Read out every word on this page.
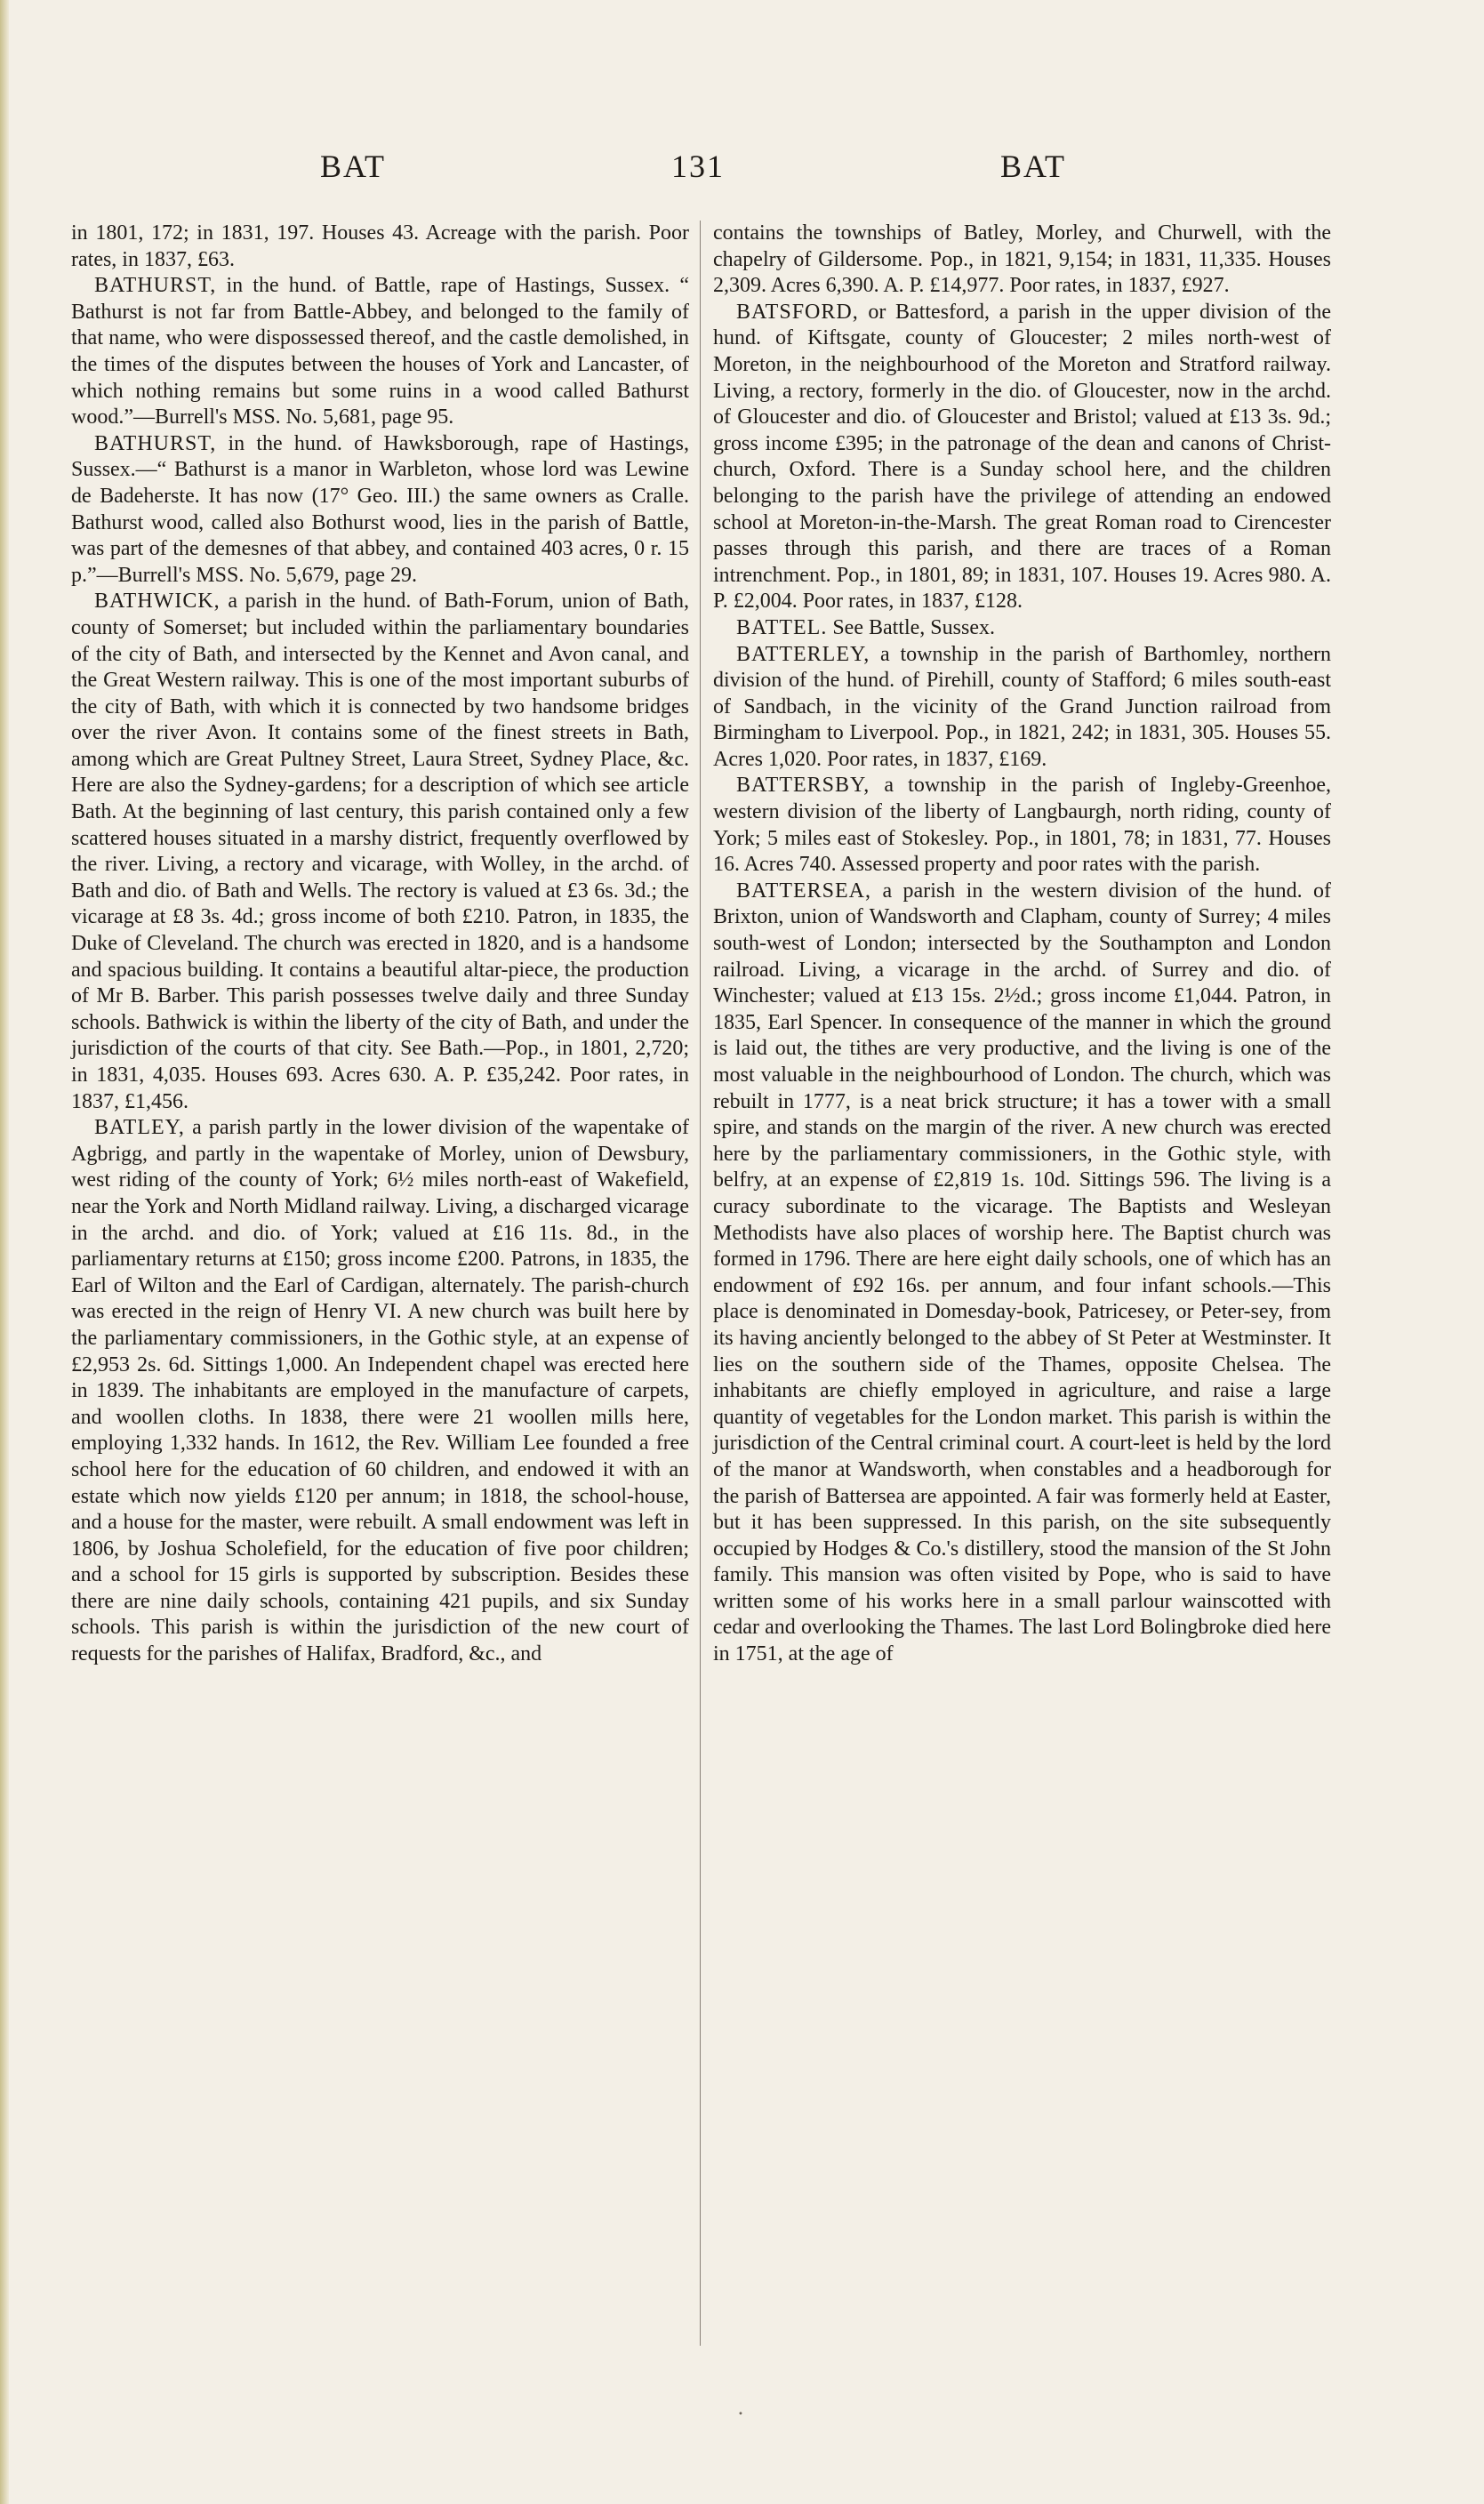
BAT	131	BAT

in 1801, 172; in 1831, 197. Houses 43. Acreage with the parish. Poor rates, in 1837, £63.

BATHURST, in the hund. of Battle, rape of Hastings, Sussex. “ Bathurst is not far from Battle-Abbey, and belonged to the family of that name, who were dispossessed thereof, and the castle demolished, in the times of the disputes between the houses of York and Lancaster, of which nothing remains but some ruins in a wood called Bathurst wood.”—Burrell's MSS. No. 5,681, page 95.

BATHURST, in the hund. of Hawksborough, rape of Hastings, Sussex.—“ Bathurst is a manor in Warbleton, whose lord was Lewine de Badeherste. It has now (17° Geo. III.) the same owners as Cralle. Bathurst wood, called also Bothurst wood, lies in the parish of Battle, was part of the demesnes of that abbey, and contained 403 acres, 0 r. 15 p.”—Burrell's MSS. No. 5,679, page 29.

BATHWICK, a parish in the hund. of Bath-Forum, union of Bath, county of Somerset; but included within the parliamentary boundaries of the city of Bath, and intersected by the Kennet and Avon canal, and the Great Western railway. This is one of the most important suburbs of the city of Bath, with which it is connected by two handsome bridges over the river Avon. It contains some of the finest streets in Bath, among which are Great Pultney Street, Laura Street, Sydney Place, &c. Here are also the Sydney-gardens; for a description of which see article Bath. At the beginning of last century, this parish contained only a few scattered houses situated in a marshy district, frequently overflowed by the river. Living, a rectory and vicarage, with Wolley, in the archd. of Bath and dio. of Bath and Wells. The rectory is valued at £3 6s. 3d.; the vicarage at £8 3s. 4d.; gross income of both £210. Patron, in 1835, the Duke of Cleveland. The church was erected in 1820, and is a handsome and spacious building. It contains a beautiful altar-piece, the production of Mr B. Barber. This parish possesses twelve daily and three Sunday schools. Bathwick is within the liberty of the city of Bath, and under the jurisdiction of the courts of that city. See Bath.—Pop., in 1801, 2,720; in 1831, 4,035. Houses 693. Acres 630. A. P. £35,242. Poor rates, in 1837, £1,456.

BATLEY, a parish partly in the lower division of the wapentake of Agbrigg, and partly in the wapentake of Morley, union of Dewsbury, west riding of the county of York; 6½ miles north-east of Wakefield, near the York and North Midland railway. Living, a discharged vicarage in the archd. and dio. of York; valued at £16 11s. 8d., in the parliamentary returns at £150; gross income £200. Patrons, in 1835, the Earl of Wilton and the Earl of Cardigan, alternately. The parish-church was erected in the reign of Henry VI. A new church was built here by the parliamentary commissioners, in the Gothic style, at an expense of £2,953 2s. 6d. Sittings 1,000. An Independent chapel was erected here in 1839. The inhabitants are employed in the manufacture of carpets, and woollen cloths. In 1838, there were 21 woollen mills here, employing 1,332 hands. In 1612, the Rev. William Lee founded a free school here for the education of 60 children, and endowed it with an estate which now yields £120 per annum; in 1818, the school-house, and a house for the master, were rebuilt. A small endowment was left in 1806, by Joshua Scholefield, for the education of five poor children; and a school for 15 girls is supported by subscription. Besides these there are nine daily schools, containing 421 pupils, and six Sunday schools. This parish is within the jurisdiction of the new court of requests for the parishes of Halifax, Bradford, &c., and

contains the townships of Batley, Morley, and Churwell, with the chapelry of Gildersome. Pop., in 1821, 9,154; in 1831, 11,335. Houses 2,309. Acres 6,390. A. P. £14,977. Poor rates, in 1837, £927.

BATSFORD, or Battesford, a parish in the upper division of the hund. of Kiftsgate, county of Gloucester; 2 miles north-west of Moreton, in the neighbourhood of the Moreton and Stratford railway. Living, a rectory, formerly in the dio. of Gloucester, now in the archd. of Gloucester and dio. of Gloucester and Bristol; valued at £13 3s. 9d.; gross income £395; in the patronage of the dean and canons of Christ-church, Oxford. There is a Sunday school here, and the children belonging to the parish have the privilege of attending an endowed school at Moreton-in-the-Marsh. The great Roman road to Cirencester passes through this parish, and there are traces of a Roman intrenchment. Pop., in 1801, 89; in 1831, 107. Houses 19. Acres 980. A. P. £2,004. Poor rates, in 1837, £128.

BATTEL. See Battle, Sussex.

BATTERLEY, a township in the parish of Barthomley, northern division of the hund. of Pirehill, county of Stafford; 6 miles south-east of Sandbach, in the vicinity of the Grand Junction railroad from Birmingham to Liverpool. Pop., in 1821, 242; in 1831, 305. Houses 55. Acres 1,020. Poor rates, in 1837, £169.

BATTERSBY, a township in the parish of Ingleby-Greenhoe, western division of the liberty of Langbaurgh, north riding, county of York; 5 miles east of Stokesley. Pop., in 1801, 78; in 1831, 77. Houses 16. Acres 740. Assessed property and poor rates with the parish.

BATTERSEA, a parish in the western division of the hund. of Brixton, union of Wandsworth and Clapham, county of Surrey; 4 miles south-west of London; intersected by the Southampton and London railroad. Living, a vicarage in the archd. of Surrey and dio. of Winchester; valued at £13 15s. 2½d.; gross income £1,044. Patron, in 1835, Earl Spencer. In consequence of the manner in which the ground is laid out, the tithes are very productive, and the living is one of the most valuable in the neighbourhood of London. The church, which was rebuilt in 1777, is a neat brick structure; it has a tower with a small spire, and stands on the margin of the river. A new church was erected here by the parliamentary commissioners, in the Gothic style, with belfry, at an expense of £2,819 1s. 10d. Sittings 596. The living is a curacy subordinate to the vicarage. The Baptists and Wesleyan Methodists have also places of worship here. The Baptist church was formed in 1796. There are here eight daily schools, one of which has an endowment of £92 16s. per annum, and four infant schools.—This place is denominated in Domesday-book, Patricesey, or Peter-sey, from its having anciently belonged to the abbey of St Peter at Westminster. It lies on the southern side of the Thames, opposite Chelsea. The inhabitants are chiefly employed in agriculture, and raise a large quantity of vegetables for the London market. This parish is within the jurisdiction of the Central criminal court. A court-leet is held by the lord of the manor at Wandsworth, when constables and a headborough for the parish of Battersea are appointed. A fair was formerly held at Easter, but it has been suppressed. In this parish, on the site subsequently occupied by Hodges & Co.'s distillery, stood the mansion of the St John family. This mansion was often visited by Pope, who is said to have written some of his works here in a small parlour wainscotted with cedar and overlooking the Thames. The last Lord Bolingbroke died here in 1751, at the age of

•
